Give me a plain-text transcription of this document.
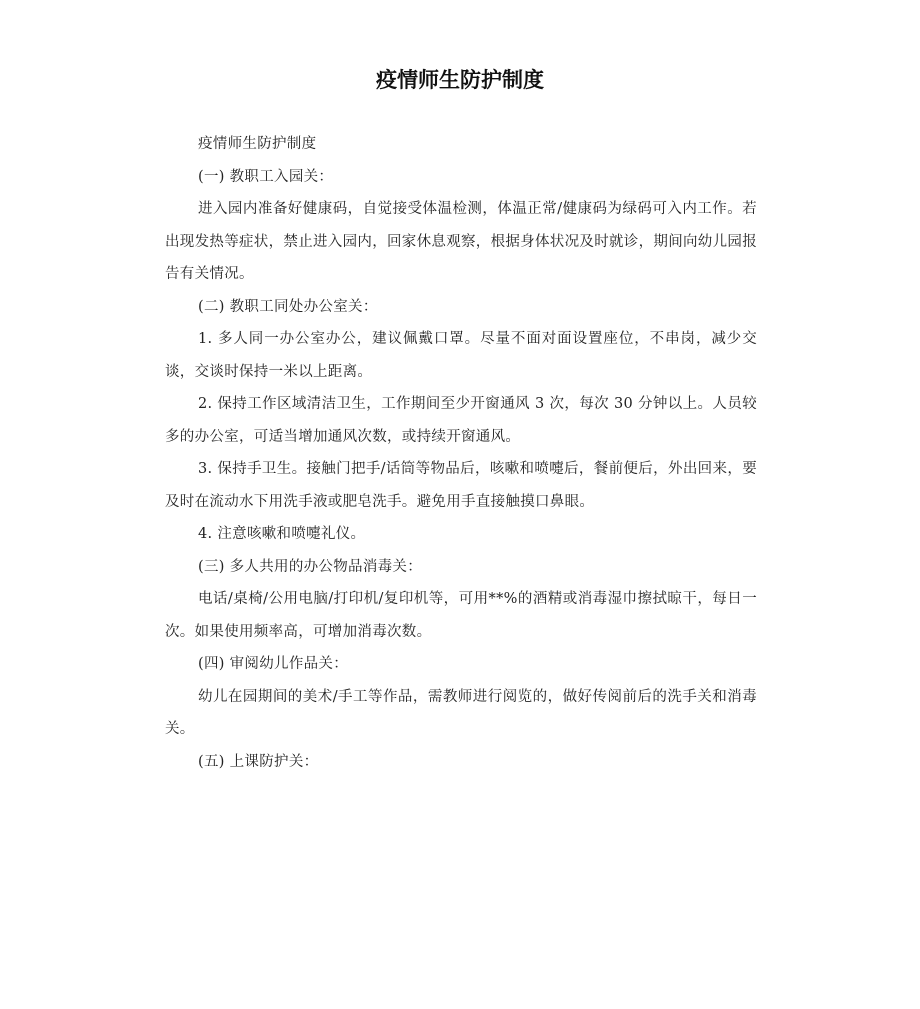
疫情师生防护制度

疫情师生防护制度

(一) 教职工入园关：

进入园内准备好健康码，自觉接受体温检测，体温正常/健康码为绿码可入内工作。若出现发热等症状，禁止进入园内，回家休息观察，根据身体状况及时就诊，期间向幼儿园报告有关情况。

(二) 教职工同处办公室关：

1. 多人同一办公室办公，建议佩戴口罩。尽量不面对面设置座位，不串岗，减少交谈，交谈时保持一米以上距离。

2. 保持工作区域清洁卫生，工作期间至少开窗通风 3 次，每次 30 分钟以上。人员较多的办公室，可适当增加通风次数，或持续开窗通风。

3. 保持手卫生。接触门把手/话筒等物品后，咳嗽和喷嚏后，餐前便后，外出回来，要及时在流动水下用洗手液或肥皂洗手。避免用手直接触摸口鼻眼。

4. 注意咳嗽和喷嚏礼仪。

(三) 多人共用的办公物品消毒关：

电话/桌椅/公用电脑/打印机/复印机等，可用**%的酒精或消毒湿巾擦拭晾干，每日一次。如果使用频率高，可增加消毒次数。

(四) 审阅幼儿作品关：

幼儿在园期间的美术/手工等作品，需教师进行阅览的，做好传阅前后的洗手关和消毒关。

(五) 上课防护关：
